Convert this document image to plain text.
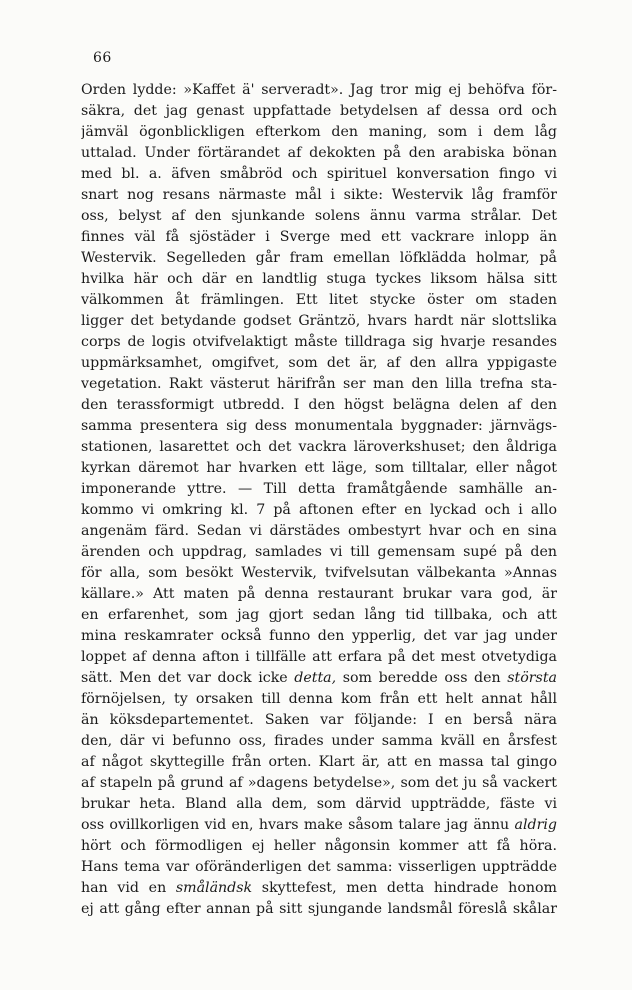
66
Orden lydde: »Kaffet ä' serveradt». Jag tror mig ej behöfva för-
säkra, det jag genast uppfattade betydelsen af dessa ord och
jämväl ögonblickligen efterkom den maning, som i dem låg
uttalad. Under förtärandet af dekokten på den arabiska bönan
med bl. a. äfven småbröd och spirituel konversation fingo vi
snart nog resans närmaste mål i sikte: Westervik låg framför
oss, belyst af den sjunkande solens ännu varma strålar. Det
finnes väl få sjöstäder i Sverge med ett vackrare inlopp än
Westervik. Segelleden går fram emellan löfklädda holmar, på
hvilka här och där en landtlig stuga tyckes liksom hälsa sitt
välkommen åt främlingen. Ett litet stycke öster om staden
ligger det betydande godset Gräntzö, hvars hardt när slottslika
corps de logis otvifvelaktigt måste tilldraga sig hvarje resandes
uppmärksamhet, omgifvet, som det är, af den allra yppigaste
vegetation. Rakt västerut härifrån ser man den lilla trefna sta-
den terassformigt utbredd. I den högst belägna delen af den
samma presentera sig dess monumentala byggnader: järnvägs-
stationen, lasarettet och det vackra läroverkshuset; den åldriga
kyrkan däremot har hvarken ett läge, som tilltalar, eller något
imponerande yttre. — Till detta framåtgående samhälle an-
kommo vi omkring kl. 7 på aftonen efter en lyckad och i allo
angenäm färd. Sedan vi därstädes ombestyrt hvar och en sina
ärenden och uppdrag, samlades vi till gemensam supé på den
för alla, som besökt Westervik, tvifvelsutan välbekanta »Annas
källare.» Att maten på denna restaurant brukar vara god, är
en erfarenhet, som jag gjort sedan lång tid tillbaka, och att
mina reskamrater också funno den ypperlig, det var jag under
loppet af denna afton i tillfälle att erfara på det mest otvetydiga
sätt. Men det var dock icke detta, som beredde oss den största
förnöjelsen, ty orsaken till denna kom från ett helt annat håll
än köksdepartementet. Saken var följande: I en berså nära
den, där vi befunno oss, firades under samma kväll en årsfest
af något skyttegille från orten. Klart är, att en massa tal gingo
af stapeln på grund af »dagens betydelse», som det ju så vackert
brukar heta. Bland alla dem, som därvid uppträdde, fäste vi
oss ovillkorligen vid en, hvars make såsom talare jag ännu aldrig
hört och förmodligen ej heller någonsin kommer att få höra.
Hans tema var oföränderligen det samma: visserligen uppträdde
han vid en småländsk skyttefest, men detta hindrade honom
ej att gång efter annan på sitt sjungande landsmål föreslå skålar
